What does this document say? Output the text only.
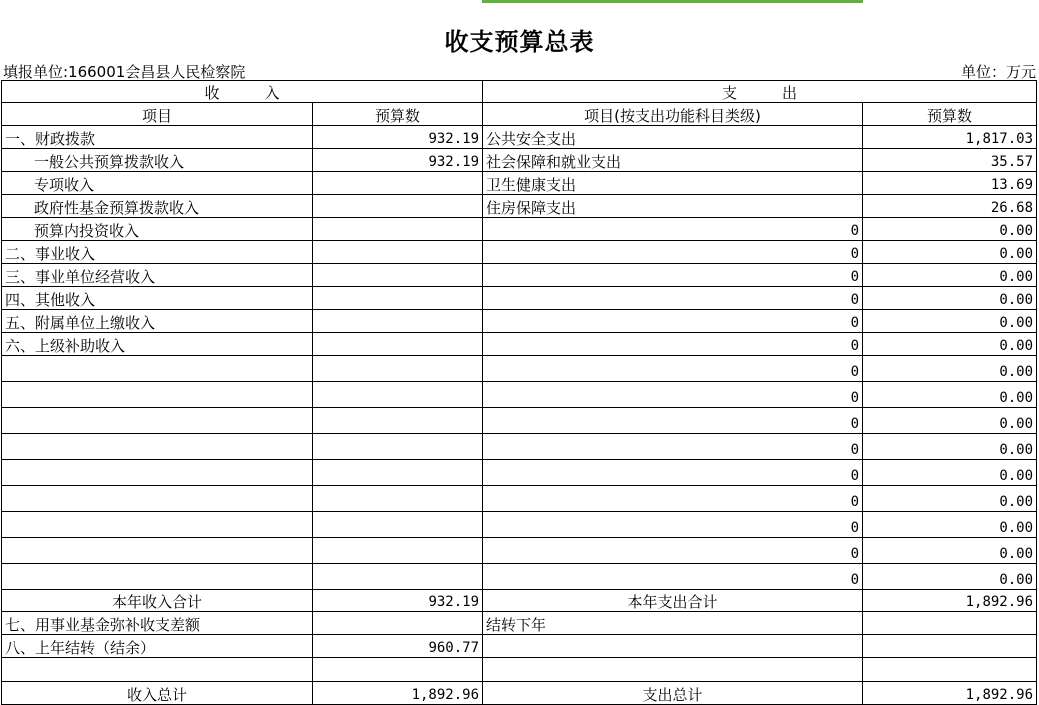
收支预算总表
填报单位:166001会昌县人民检察院	单位：万元
收　　　入		支　　　出	
项目	预算数	项目(按支出功能科目类级)	预算数
一、财政拨款	932.19	公共安全支出	1,817.03
一般公共预算拨款收入	932.19	社会保障和就业支出	35.57
专项收入		卫生健康支出	13.69
政府性基金预算拨款收入		住房保障支出	26.68
预算内投资收入		0	0.00
二、事业收入		0	0.00
三、事业单位经营收入		0	0.00
四、其他收入		0	0.00
五、附属单位上缴收入		0	0.00
六、上级补助收入		0	0.00
		0	0.00
		0	0.00
		0	0.00
		0	0.00
		0	0.00
		0	0.00
		0	0.00
		0	0.00
		0	0.00
本年收入合计	932.19	本年支出合计	1,892.96
七、用事业基金弥补收支差额		结转下年	
八、上年结转（结余）	960.77		

收入总计	1,892.96	支出总计	1,892.96
